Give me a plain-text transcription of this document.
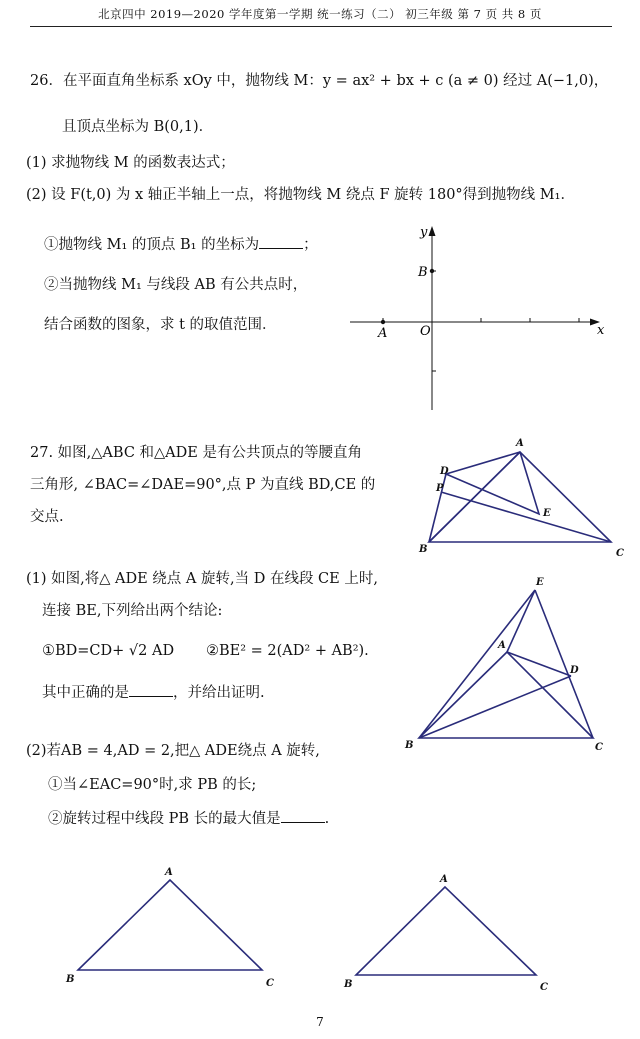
北京四中 2019—2020 学年度第一学期 统一练习（二） 初三年级 第 7 页 共 8 页
26．在平面直角坐标系 xOy 中，抛物线 M：y = ax² + bx + c (a ≠ 0) 经过 A(−1,0)，
且顶点坐标为 B(0,1)．
(1) 求抛物线 M 的函数表达式；
(2) 设 F(t,0) 为 x 轴正半轴上一点，将抛物线 M 绕点 F 旋转 180°得到抛物线 M₁．
①抛物线 M₁ 的顶点 B₁ 的坐标为	；
②当抛物线 M₁ 与线段 AB 有公共点时，
结合函数的图象，求 t 的取值范围．
y
x
B
A	O
27. 如图,△ABC 和△ADE 是有公共顶点的等腰直角
三角形, ∠BAC=∠DAE=90°,点 P 为直线 BD,CE 的
交点.
(1) 如图,将△ ADE 绕点 A 旋转,当 D 在线段 CE 上时,
连接 BE,下列给出两个结论:
①BD=CD+ √2 AD ②BE² = 2(AD² + AB²).
其中正确的是	，并给出证明.
(2)若AB = 4,AD = 2,把△ ADE绕点 A 旋转,
①当∠EAC=90°时,求 PB 的长;
②旋转过程中线段 PB 长的最大值是	.
A
D
P
E
B	C
E
A
D
B	C
A
B	C
A
B	C
7
